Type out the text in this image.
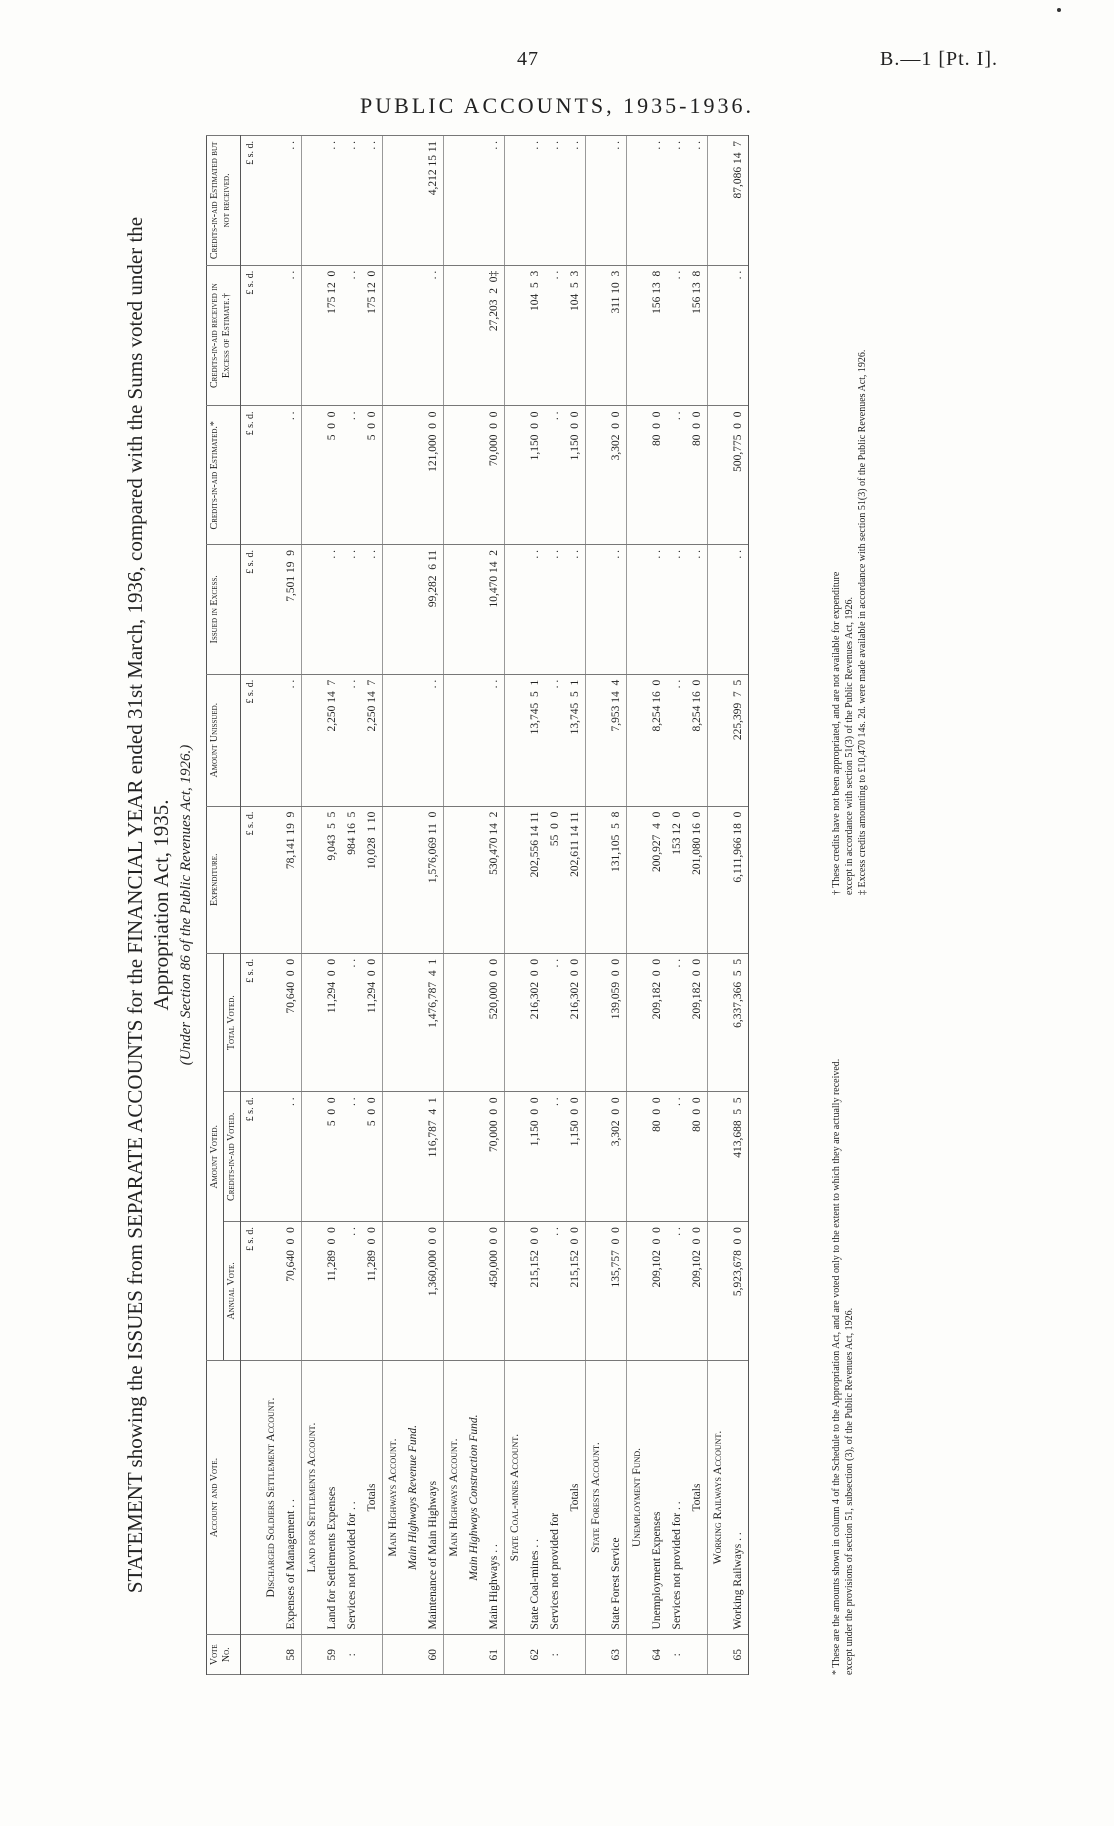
47	B.—1 [Pt. I].
PUBLIC ACCOUNTS, 1935-1936.
STATEMENT showing the ISSUES from SEPARATE ACCOUNTS for the FINANCIAL YEAR ended 31st March, 1936, compared with the Sums voted under the Appropriation Act, 1935. (Under Section 86 of the Public Revenues Act, 1926.)
Vote No.	Account and Vote.	Amount Voted.			Expenditure.	Amount Unissued.	Issued in Excess.	Credits-in-aid Estimated.*	Credits-in-aid received in Excess of Estimate.†	Credits-in-aid Estimated but not received.
		Annual Vote.	Credits-in-aid Voted.	Total Voted.						
		£ s. d.	£ s. d.	£ s. d.	£ s. d.	£ s. d.	£ s. d.	£ s. d.	£ s. d.	£ s. d.
	Discharged Soldiers Settlement Account.									
58	Expenses of Management . .	70,640  0  0	. .	70,640  0  0	78,141 19  9	. .	7,501 19  9	. .	. .	. .
	Land for Settlements Account.									
59	Land for Settlements Expenses	11,289  0  0	5  0  0	11,294  0  0	9,043  5  5	2,250 14  7	. .	5  0  0	175 12  0	. .
:	Services not provided for . .	. .	. .	. .	984 16  5	. .	. .	. .	. .	. .
	Totals	11,289  0  0	5  0  0	11,294  0  0	10,028  1 10	2,250 14  7	. .	5  0  0	175 12  0	. .
	Main Highways Account.									
	Main Highways Revenue Fund.									
60	Maintenance of Main Highways	1,360,000  0  0	116,787  4  1	1,476,787  4  1	1,576,069 11  0	. .	99,282  6 11	121,000  0  0	. .	4,212 15 11
	Main Highways Account.									
	Main Highways Construction Fund.									
61	Main Highways . .	450,000  0  0	70,000  0  0	520,000  0  0	530,470 14  2	. .	10,470 14  2	70,000  0  0	27,203  2  0‡	. .
	State Coal-mines Account.									
62	State Coal-mines . .	215,152  0  0	1,150  0  0	216,302  0  0	202,556 14 11	13,745  5  1	. .	1,150  0  0	104  5  3	. .
:	Services not provided for	. .	. .	. .	55  0  0	. .	. .	. .	. .	. .
	Totals	215,152  0  0	1,150  0  0	216,302  0  0	202,611 14 11	13,745  5  1	. .	1,150  0  0	104  5  3	. .
	State Forests Account.									
63	State Forest Service	135,757  0  0	3,302  0  0	139,059  0  0	131,105  5  8	7,953 14  4	. .	3,302  0  0	311 10  3	. .
	Unemployment Fund.									
64	Unemployment Expenses	209,102  0  0	80  0  0	209,182  0  0	200,927  4  0	8,254 16  0	. .	80  0  0	156 13  8	. .
:	Services not provided for . .	. .	. .	. .	153 12  0	. .	. .	. .	. .	. .
	Totals	209,102  0  0	80  0  0	209,182  0  0	201,080 16  0	8,254 16  0	. .	80  0  0	156 13  8	. .
	Working Railways Account.									
65	Working Railways . .	5,923,678  0  0	413,688  5  5	6,337,366  5  5	6,111,966 18  0	225,399  7  5	. .	500,775  0  0	. .	87,086 14  7
* These are the amounts shown in column 4 of the Schedule to the Appropriation Act, and are voted only to the extent to which they are actually received. except under the provisions of section 51, subsection (3), of the Public Revenues Act, 1926.
† These credits have not been appropriated, and are not available for expenditure except in accordance with section 51(3) of the Public Revenues Act, 1926. ‡ Excess credits amounting to £10,470 14s. 2d. were made available in accordance with section 51(3) of the Public Revenues Act, 1926.
